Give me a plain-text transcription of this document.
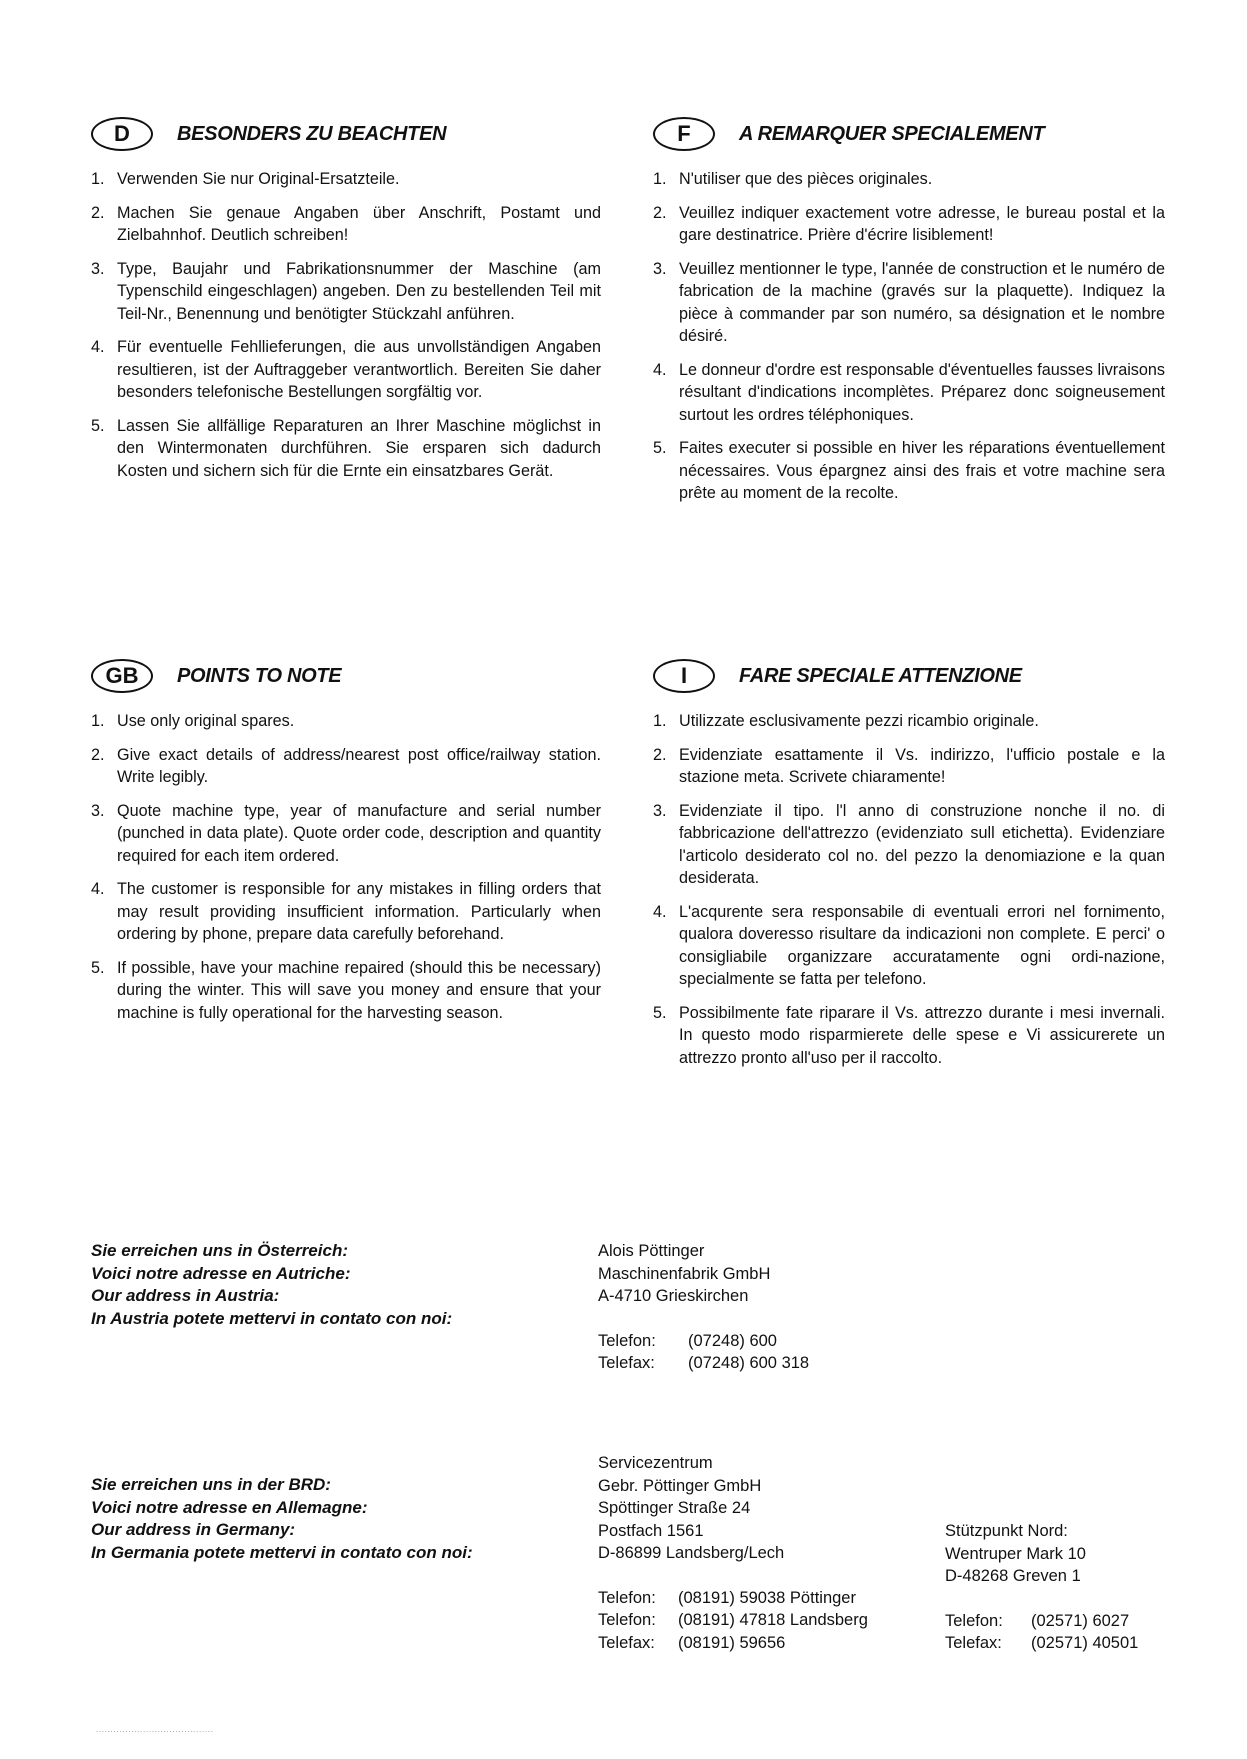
D	BESONDERS ZU BEACHTEN
1. Verwenden Sie nur Original-Ersatzteile.
2. Machen Sie genaue Angaben über Anschrift, Postamt und Zielbahnhof. Deutlich schreiben!
3. Type, Baujahr und Fabrikationsnummer der Maschine (am Typenschild eingeschlagen) angeben. Den zu bestellenden Teil mit Teil-Nr., Benennung und benötigter Stückzahl anführen.
4. Für eventuelle Fehllieferungen, die aus unvollständigen Angaben resultieren, ist der Auftraggeber verantwortlich. Bereiten Sie daher besonders telefonische Bestellungen sorgfältig vor.
5. Lassen Sie allfällige Reparaturen an Ihrer Maschine möglichst in den Wintermonaten durchführen. Sie ersparen sich dadurch Kosten und sichern sich für die Ernte ein einsatzbares Gerät.
F	A REMARQUER SPECIALEMENT
1. N'utiliser que des pièces originales.
2. Veuillez indiquer exactement votre adresse, le bureau postal et la gare destinatrice. Prière d'écrire lisiblement!
3. Veuillez mentionner le type, l'année de construction et le numéro de fabrication de la machine (gravés sur la plaquette). Indiquez la pièce à commander par son numéro, sa désignation et le nombre désiré.
4. Le donneur d'ordre est responsable d'éventuelles fausses livraisons résultant d'indications incomplètes. Préparez donc soigneusement surtout les ordres téléphoniques.
5. Faites executer si possible en hiver les réparations éventuellement nécessaires. Vous épargnez ainsi des frais et votre machine sera prête au moment de la recolte.
GB	POINTS TO NOTE
1. Use only original spares.
2. Give exact details of address/nearest post office/railway station. Write legibly.
3. Quote machine type, year of manufacture and serial number (punched in data plate). Quote order code, description and quantity required for each item ordered.
4. The customer is responsible for any mistakes in filling orders that may result providing insufficient information. Particularly when ordering by phone, prepare data carefully beforehand.
5. If possible, have your machine repaired (should this be necessary) during the winter. This will save you money and ensure that your machine is fully operational for the harvesting season.
I	FARE SPECIALE ATTENZIONE
1. Utilizzate esclusivamente pezzi ricambio originale.
2. Evidenziate esattamente il Vs. indirizzo, l'ufficio postale e la stazione meta. Scrivete chiaramente!
3. Evidenziate il tipo. l'l anno di construzione nonche il no. di fabbricazione dell'attrezzo (evidenziato sull etichetta). Evidenziare l'articolo desiderato col no. del pezzo la denomiazione e la quan desiderata.
4. L'acqurente sera responsabile di eventuali errori nel fornimento, qualora doveresso risultare da indicazioni non complete. E perci' o consigliabile organizzare accuratamente ogni ordi-nazione, specialmente se fatta per telefono.
5. Possibilmente fate riparare il Vs. attrezzo durante i mesi invernali. In questo modo risparmierete delle spese e Vi assicurerete un attrezzo pronto all'uso per il raccolto.
Sie erreichen uns in Österreich:
Voici notre adresse en Autriche:
Our address in Austria:
In Austria potete mettervi in contato con noi:
Alois Pöttinger
Maschinenfabrik GmbH
A-4710 Grieskirchen
Telefon:	(07248) 600
Telefax:	(07248) 600 318
Sie erreichen uns in der BRD:
Voici notre adresse en Allemagne:
Our address in Germany:
In Germania potete mettervi in contato con noi:
Servicezentrum
Gebr. Pöttinger GmbH
Spöttinger Straße 24
Postfach 1561
D-86899 Landsberg/Lech
Telefon:	(08191) 59038 Pöttinger
Telefon:	(08191) 47818 Landsberg
Telefax:	(08191) 59656
Stützpunkt Nord:
Wentruper Mark 10
D-48268 Greven 1
Telefon:	(02571) 6027
Telefax:	(02571) 40501
........................................
